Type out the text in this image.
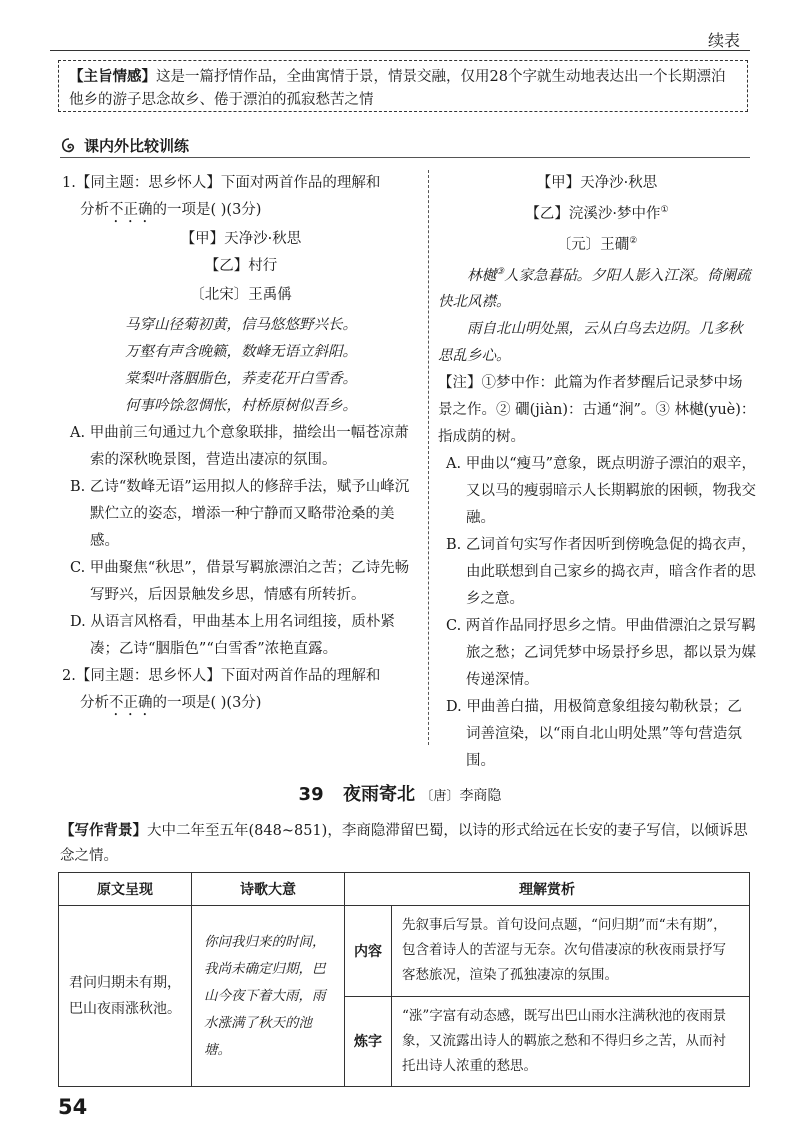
续表
【主旨情感】这是一篇抒情作品，全曲寓情于景，情景交融，仅用28个字就生动地表达出一个长期漂泊他乡的游子思念故乡、倦于漂泊的孤寂愁苦之情
课内外比较训练

1.【同主题：思乡怀人】下面对两首作品的理解和

分析不正确的一项是( )(3分)

【甲】天净沙·秋思

【乙】村行

〔北宋〕王禹偁

马穿山径菊初黄，信马悠悠野兴长。

万壑有声含晚籁，数峰无语立斜阳。

棠梨叶落胭脂色，荞麦花开白雪香。

何事吟馀忽惆怅，村桥原树似吾乡。

A. 甲曲前三句通过九个意象联排，描绘出一幅苍凉萧索的深秋晚景图，营造出凄凉的氛围。

B. 乙诗“数峰无语”运用拟人的修辞手法，赋予山峰沉默伫立的姿态，增添一种宁静而又略带沧桑的美感。

C. 甲曲聚焦“秋思”，借景写羁旅漂泊之苦；乙诗先畅写野兴，后因景触发乡思，情感有所转折。

D. 从语言风格看，甲曲基本上用名词组接，质朴紧凑；乙诗“胭脂色”“白雪香”浓艳直露。

2.【同主题：思乡怀人】下面对两首作品的理解和

分析不正确的一项是( )(3分)

【甲】天净沙·秋思

【乙】浣溪沙·梦中作①

〔元〕王礀②

林樾③人家急暮砧。夕阳人影入江深。倚阑疏快北风襟。

雨自北山明处黑，云从白鸟去边阴。几多秋思乱乡心。

【注】①梦中作：此篇为作者梦醒后记录梦中场景之作。② 礀(jiàn)：古通“涧”。③ 林樾(yuè)：指成荫的树。

A. 甲曲以“瘦马”意象，既点明游子漂泊的艰辛，又以马的瘦弱暗示人长期羁旅的困顿，物我交融。

B. 乙词首句实写作者因听到傍晚急促的捣衣声，由此联想到自己家乡的捣衣声，暗含作者的思乡之意。

C. 两首作品同抒思乡之情。甲曲借漂泊之景写羁旅之愁；乙词凭梦中场景抒乡思，都以景为媒传递深情。

D. 甲曲善白描，用极简意象组接勾勒秋景；乙词善渲染，以“雨自北山明处黑”等句营造氛围。

39 夜雨寄北 〔唐〕李商隐
【写作背景】大中二年至五年(848~851)，李商隐滞留巴蜀，以诗的形式给远在长安的妻子写信，以倾诉思念之情。
原文呈现	诗歌大意	理解赏析	
君问归期未有期，巴山夜雨涨秋池。	你问我归来的时间，我尚未确定归期，巴山今夜下着大雨，雨水涨满了秋天的池塘。	内容	先叙事后写景。首句设问点题，“问归期”而“未有期”，包含着诗人的苦涩与无奈。次句借凄凉的秋夜雨景抒写客愁旅况，渲染了孤独凄凉的氛围。
		炼字	“涨”字富有动态感，既写出巴山雨水注满秋池的夜雨景象，又流露出诗人的羁旅之愁和不得归乡之苦，从而衬托出诗人浓重的愁思。
54
